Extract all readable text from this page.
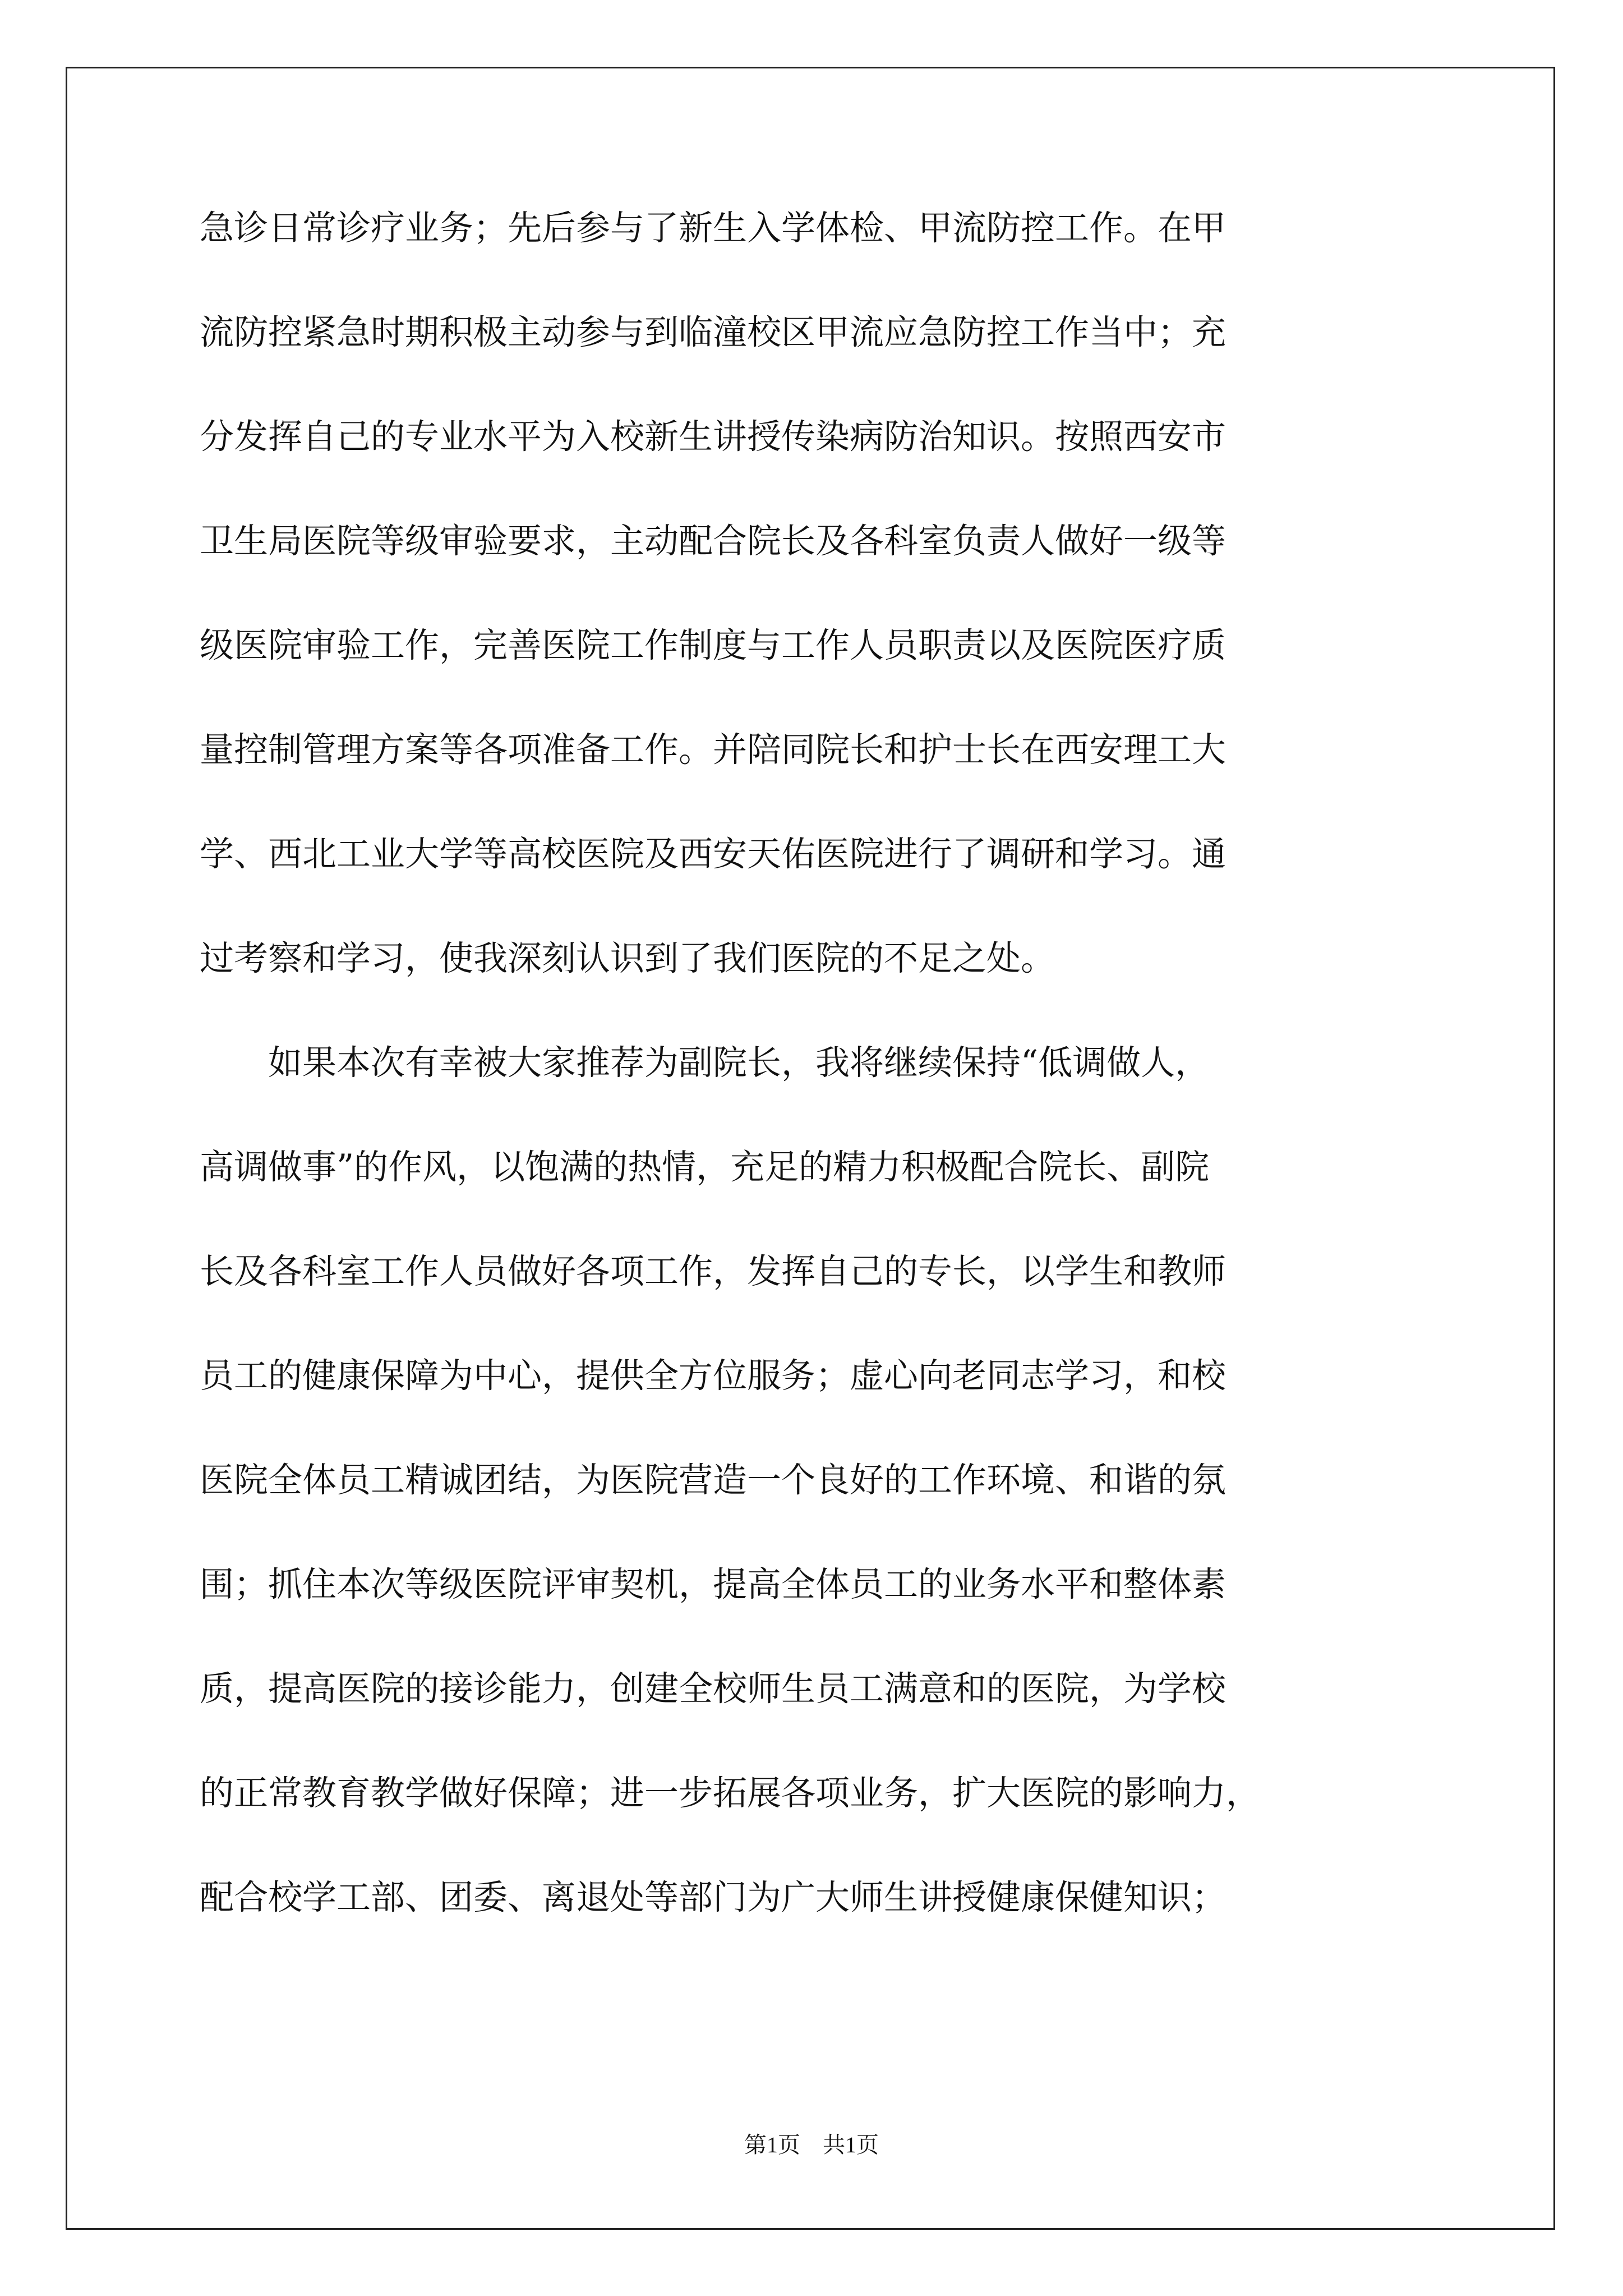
急诊日常诊疗业务；先后参与了新生入学体检、甲流防控工作。在甲
流防控紧急时期积极主动参与到临潼校区甲流应急防控工作当中；充
分发挥自己的专业水平为入校新生讲授传染病防治知识。按照西安市
卫生局医院等级审验要求，主动配合院长及各科室负责人做好一级等
级医院审验工作，完善医院工作制度与工作人员职责以及医院医疗质
量控制管理方案等各项准备工作。并陪同院长和护士长在西安理工大
学、西北工业大学等高校医院及西安天佑医院进行了调研和学习。通
过考察和学习，使我深刻认识到了我们医院的不足之处。
　　如果本次有幸被大家推荐为副院长，我将继续保持“低调做人，
高调做事”的作风，以饱满的热情，充足的精力积极配合院长、副院
长及各科室工作人员做好各项工作，发挥自己的专长，以学生和教师
员工的健康保障为中心，提供全方位服务；虚心向老同志学习，和校
医院全体员工精诚团结，为医院营造一个良好的工作环境、和谐的氛
围；抓住本次等级医院评审契机，提高全体员工的业务水平和整体素
质，提高医院的接诊能力，创建全校师生员工满意和的医院，为学校
的正常教育教学做好保障；进一步拓展各项业务，扩大医院的影响力，
配合校学工部、团委、离退处等部门为广大师生讲授健康保健知识；
第1页　共1页
